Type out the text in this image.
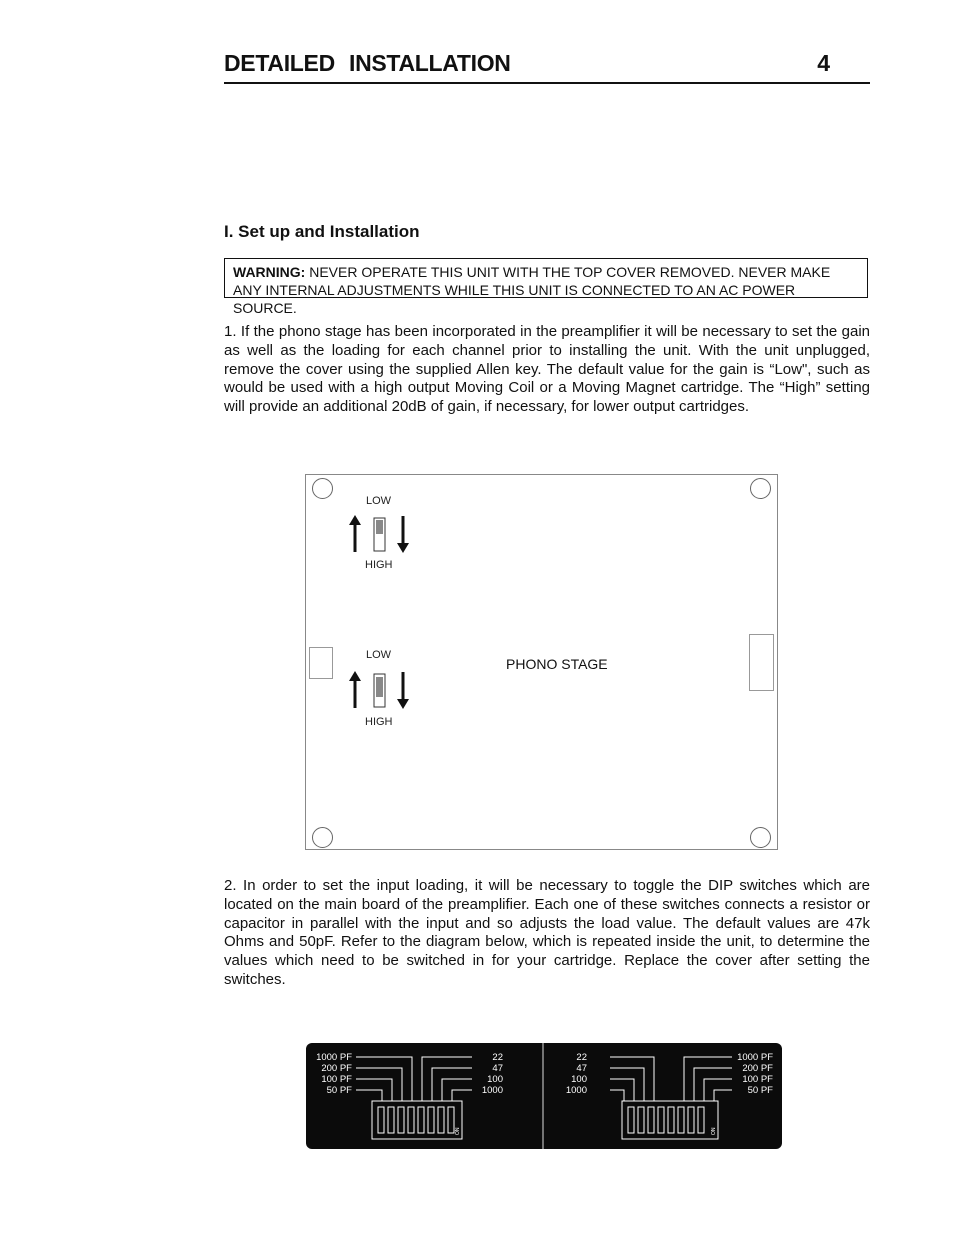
DETAILED INSTALLATION	4
I. Set up and Installation
WARNING: NEVER OPERATE THIS UNIT WITH THE TOP COVER REMOVED. NEVER MAKE ANY INTERNAL ADJUSTMENTS WHILE THIS UNIT IS CONNECTED TO AN AC POWER SOURCE.
1. If the phono stage has been incorporated in the preamplifier it will be necessary to set the gain as well as the loading for each channel prior to installing the unit. With the unit unplugged, remove the cover using the supplied Allen key. The default value for the gain is “Low", such as would be used with a high output Moving Coil or a Moving Magnet cartridge. The “High” setting will provide an additional 20dB of gain, if necessary, for lower output cartridges.
LOW
HIGH
PHONO STAGE
LOW
HIGH
2. In order to set the input loading, it will be necessary to toggle the DIP switches which are located on the main board of the preamplifier. Each one of these switches connects a resistor or capacitor in parallel with the input and so adjusts the load value. The default values are 47k Ohms and 50pF. Refer to the diagram below, which is repeated inside the unit, to determine the values which need to be switched in for your cartridge. Replace the cover after setting the switches.
1000 PF
200 PF
100 PF
50 PF
22
47
100
1000
ON
22
47
100
1000
1000 PF
200 PF
100 PF
50 PF
ON
